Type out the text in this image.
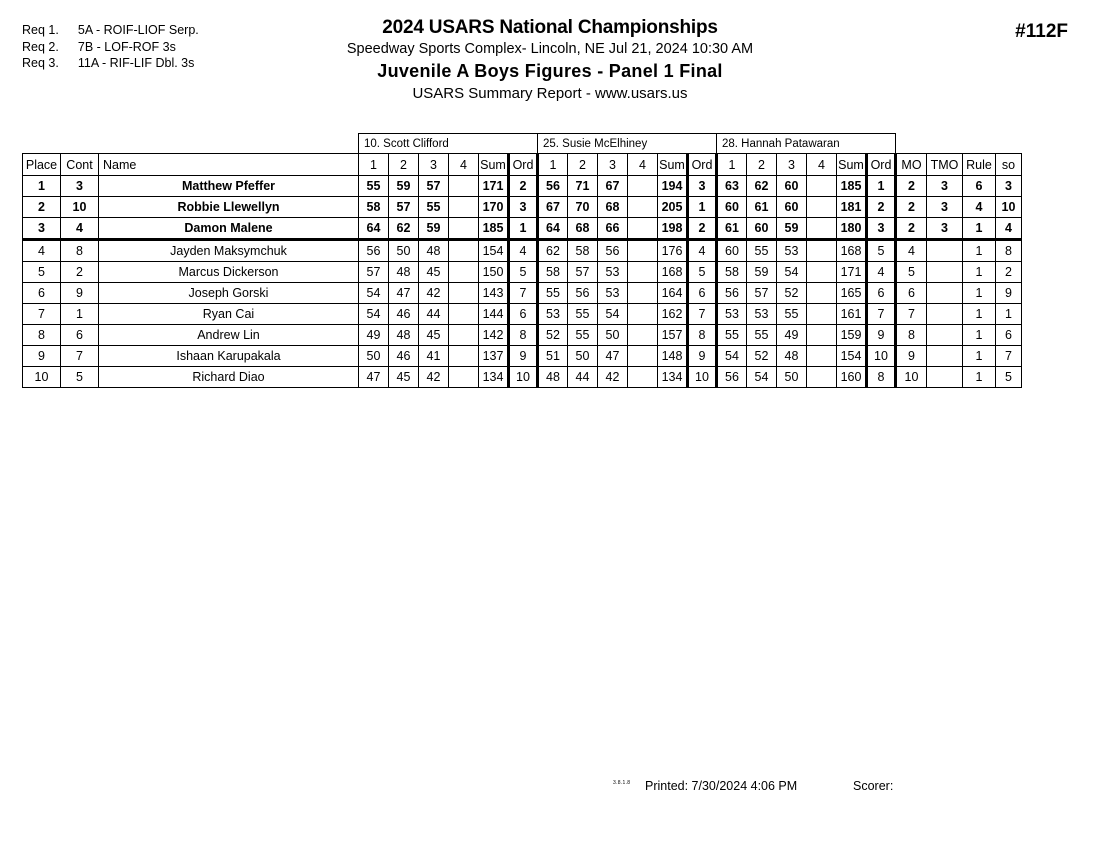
Req 1. 5A - ROIF-LIOF Serp.
Req 2. 7B - LOF-ROF 3s
Req 3. 11A - RIF-LIF Dbl. 3s
2024 USARS National Championships
Speedway Sports Complex- Lincoln, NE Jul 21, 2024 10:30 AM
Juvenile A Boys Figures - Panel 1 Final
USARS Summary Report - www.usars.us
#112F
			10. Scott Clifford						25. Susie McElhiney						28. Hannah Patawaran									
Place	Cont	Name	1	2	3	4	Sum	Ord	1	2	3	4	Sum	Ord	1	2	3	4	Sum	Ord	MO	TMO	Rule	so
1	3	Matthew Pfeffer	55	59	57		171	2	56	71	67		194	3	63	62	60		185	1	2	3	6	3
2	10	Robbie Llewellyn	58	57	55		170	3	67	70	68		205	1	60	61	60		181	2	2	3	4	10
3	4	Damon Malene	64	62	59		185	1	64	68	66		198	2	61	60	59		180	3	2	3	1	4
4	8	Jayden Maksymchuk	56	50	48		154	4	62	58	56		176	4	60	55	53		168	5	4		1	8
5	2	Marcus Dickerson	57	48	45		150	5	58	57	53		168	5	58	59	54		171	4	5		1	2
6	9	Joseph Gorski	54	47	42		143	7	55	56	53		164	6	56	57	52		165	6	6		1	9
7	1	Ryan Cai	54	46	44		144	6	53	55	54		162	7	53	53	55		161	7	7		1	1
8	6	Andrew Lin	49	48	45		142	8	52	55	50		157	8	55	55	49		159	9	8		1	6
9	7	Ishaan Karupakala	50	46	41		137	9	51	50	47		148	9	54	52	48		154	10	9		1	7
10	5	Richard Diao	47	45	42		134	10	48	44	42		134	10	56	54	50		160	8	10		1	5
3.8.1.8 Printed: 7/30/2024 4:06 PM	Scorer:
